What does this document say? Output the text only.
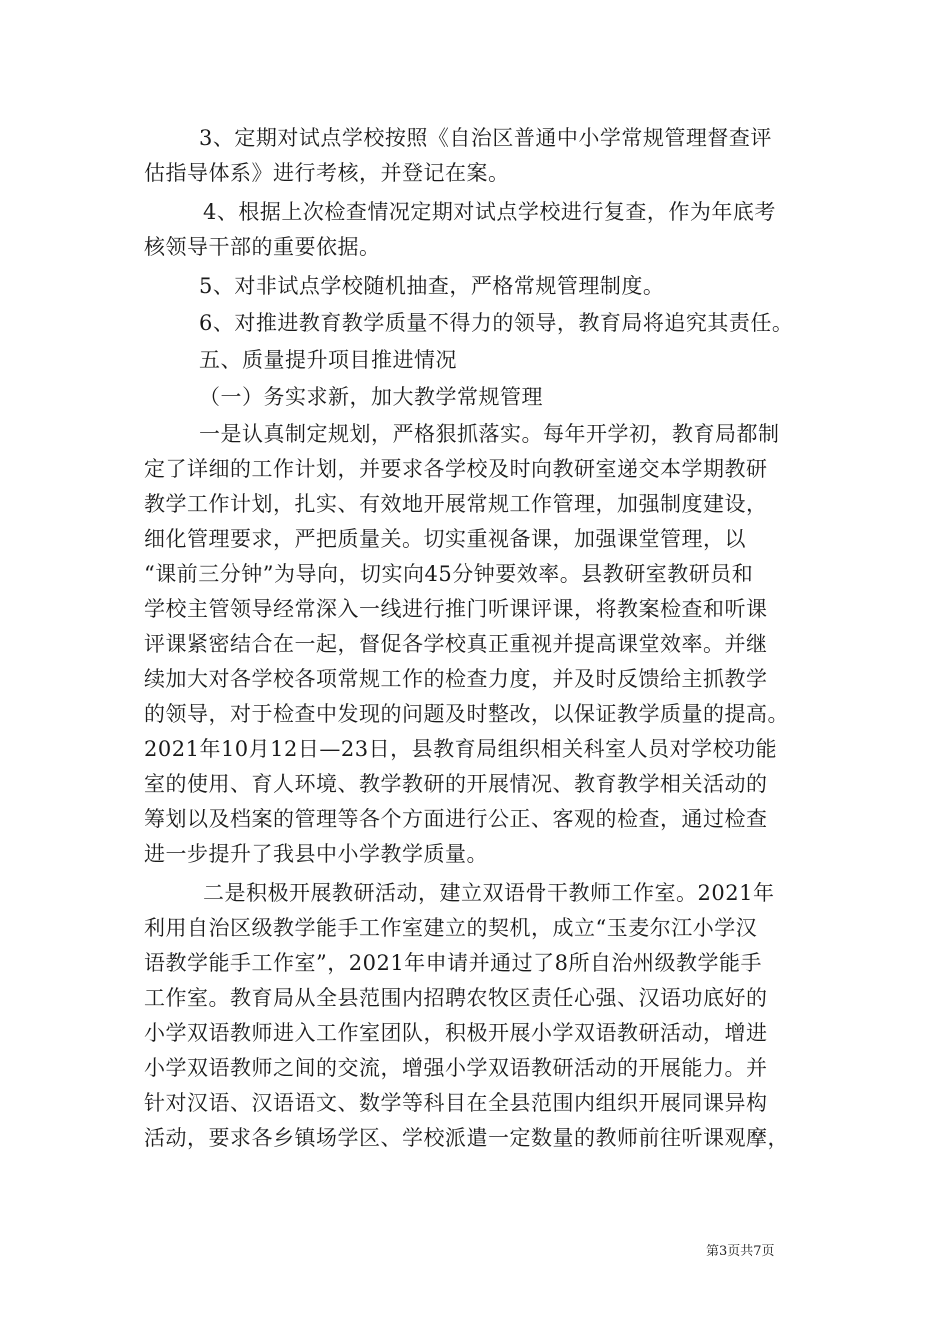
3、定期对试点学校按照《自治区普通中小学常规管理督查评
估指导体系》进行考核，并登记在案。
4、根据上次检查情况定期对试点学校进行复查，作为年底考
核领导干部的重要依据。
5、对非试点学校随机抽查，严格常规管理制度。
6、对推进教育教学质量不得力的领导，教育局将追究其责任。
五、质量提升项目推进情况
（一）务实求新，加大教学常规管理
一是认真制定规划，严格狠抓落实。每年开学初，教育局都制
定了详细的工作计划，并要求各学校及时向教研室递交本学期教研
教学工作计划，扎实、有效地开展常规工作管理，加强制度建设，
细化管理要求，严把质量关。切实重视备课，加强课堂管理，以
“课前三分钟”为导向，切实向45分钟要效率。县教研室教研员和
学校主管领导经常深入一线进行推门听课评课，将教案检查和听课
评课紧密结合在一起，督促各学校真正重视并提高课堂效率。并继
续加大对各学校各项常规工作的检查力度，并及时反馈给主抓教学
的领导，对于检查中发现的问题及时整改，以保证教学质量的提高。
2021年10月12日—23日，县教育局组织相关科室人员对学校功能
室的使用、育人环境、教学教研的开展情况、教育教学相关活动的
筹划以及档案的管理等各个方面进行公正、客观的检查，通过检查
进一步提升了我县中小学教学质量。
二是积极开展教研活动，建立双语骨干教师工作室。2021年
利用自治区级教学能手工作室建立的契机，成立“玉麦尔江小学汉
语教学能手工作室”，2021年申请并通过了8所自治州级教学能手
工作室。教育局从全县范围内招聘农牧区责任心强、汉语功底好的
小学双语教师进入工作室团队，积极开展小学双语教研活动，增进
小学双语教师之间的交流，增强小学双语教研活动的开展能力。并
针对汉语、汉语语文、数学等科目在全县范围内组织开展同课异构
活动，要求各乡镇场学区、学校派遣一定数量的教师前往听课观摩，
第3页共7页
